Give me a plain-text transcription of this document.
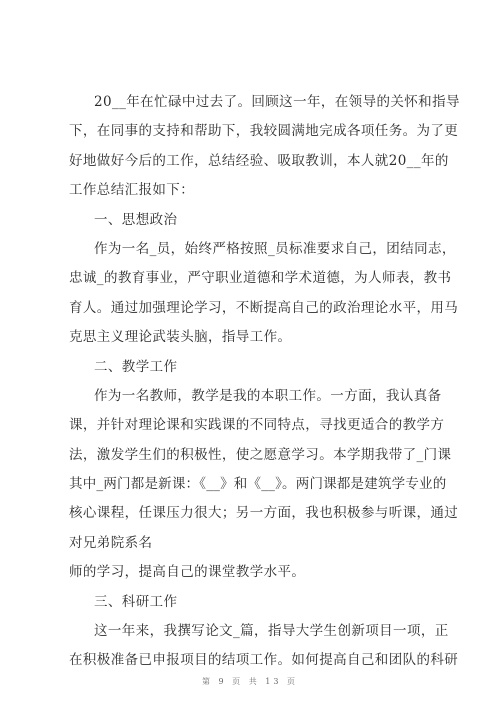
20__年在忙碌中过去了。回顾这一年，在领导的关怀和指导
下，在同事的支持和帮助下，我较圆满地完成各项任务。为了更
好地做好今后的工作，总结经验、吸取教训，本人就20__年的
工作总结汇报如下：
一、思想政治
作为一名_员，始终严格按照_员标准要求自己，团结同志，
忠诚_的教育事业，严守职业道德和学术道德，为人师表，教书
育人。通过加强理论学习，不断提高自己的政治理论水平，用马
克思主义理论武装头脑，指导工作。
二、教学工作
作为一名教师，教学是我的本职工作。一方面，我认真备
课，并针对理论课和实践课的不同特点，寻找更适合的教学方
法，激发学生们的积极性，使之愿意学习。本学期我带了_门课
其中_两门都是新课：《__》和《__》。两门课都是建筑学专业的
核心课程，任课压力很大；另一方面，我也积极参与听课，通过
对兄弟院系名
师的学习，提高自己的课堂教学水平。
三、科研工作
这一年来，我撰写论文_篇，指导大学生创新项目一项，正
在积极准备已申报项目的结项工作。如何提高自己和团队的科研
第 9 页 共 13 页
